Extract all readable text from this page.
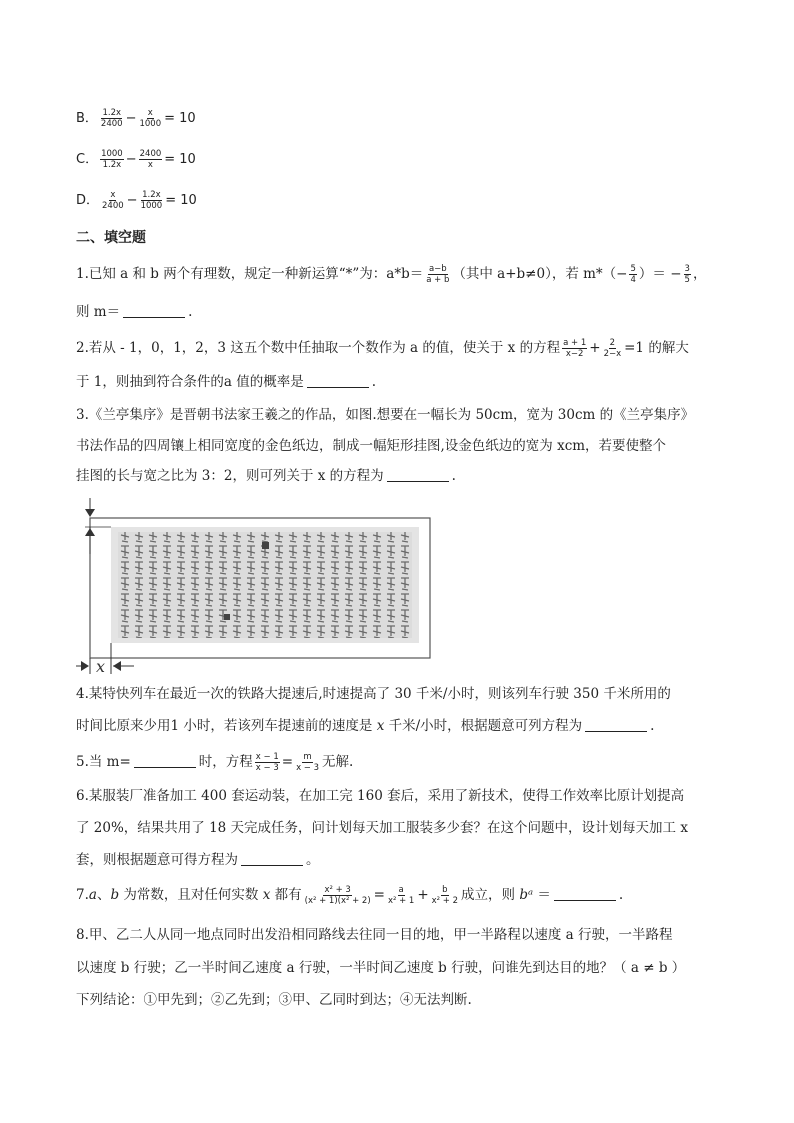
B． $\frac{1.2x}{2400} - \frac{x}{1000} = 10$
C． $\frac{1000}{1.2x} - \frac{2400}{x} = 10$
D． $\frac{x}{2400} - \frac{1.2x}{1000} = 10$
二、填空题
1.已知 a 和 b 两个有理数，规定一种新运算“*”为：$a*b= \frac{a-b}{a + b}$ （其中 a+b≠0），若 $m*(- \frac{5}{4}$ ）＝ − $\frac{3}{5}$ ，
则 m＝	.
2.若从 - 1，0，1，2，3 这五个数中任抽取一个数作为 a 的值，使关于 x 的方程 $\frac{a + 1}{x-2} + \frac{2}{2-x} =1$ 的解大
于 1，则抽到符合条件的a 值的概率是	.
3.《兰亭集序》是晋朝书法家王羲之的作品，如图.想要在一幅长为 50cm，宽为 30cm 的《兰亭集序》
书法作品的四周镶上相同宽度的金色纸边，制成一幅矩形挂图,设金色纸边的宽为 xcm，若要使整个
挂图的长与宽之比为 3：2，则可列关于 x 的方程为	.
x
4.某特快列车在最近一次的铁路大提速后,时速提高了 30 千米/小时，则该列车行驶 350 千米所用的
时间比原来少用1 小时，若该列车提速前的速度是 x 千米/小时，根据题意可列方程为	.
5.当 m=	时，方程 $\frac{x - 1}{x - 3} = \frac{m}{x - 3}$ 无解.
6.某服装厂准备加工 400 套运动装，在加工完 160 套后，采用了新技术，使得工作效率比原计划提高
了 20%，结果共用了 18 天完成任务，问计划每天加工服装多少套？在这个问题中，设计划每天加工 x
套，则根据题意可得方程为	。
7.a、b 为常数，且对任何实数 x 都有 $\frac{\text{x² + 3}}{\text{(x² + 1)(x² + 2)}} = \frac{a}{\text{x² + 1}} + \frac{b}{\text{x² + 2}}$ 成立，则 bᵃ ＝	.
8.甲、乙二人从同一地点同时出发沿相同路线去往同一目的地，甲一半路程以速度 a 行驶，一半路程
以速度 b 行驶；乙一半时间乙速度 a 行驶，一半时间乙速度 b 行驶，问谁先到达目的地？（ a ≠ b ）
下列结论：①甲先到；②乙先到；③甲、乙同时到达；④无法判断.
